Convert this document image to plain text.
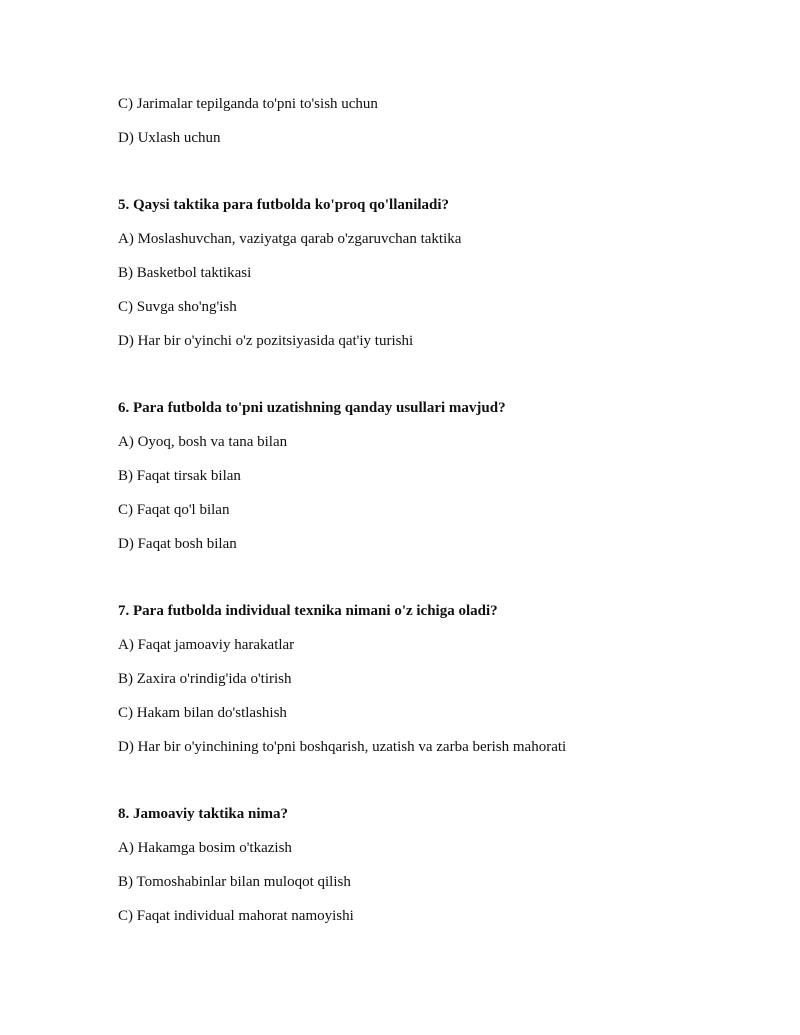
C) Jarimalar tepilganda to'pni to'sish uchun
D) Uxlash uchun
5. Qaysi taktika para futbolda ko'proq qo'llaniladi?
A) Moslashuvchan, vaziyatga qarab o'zgaruvchan taktika
B) Basketbol taktikasi
C) Suvga sho'ng'ish
D) Har bir o'yinchi o'z pozitsiyasida qat'iy turishi
6. Para futbolda to'pni uzatishning qanday usullari mavjud?
A) Oyoq, bosh va tana bilan
B) Faqat tirsak bilan
C) Faqat qo'l bilan
D) Faqat bosh bilan
7. Para futbolda individual texnika nimani o'z ichiga oladi?
A) Faqat jamoaviy harakatlar
B) Zaxira o'rindig'ida o'tirish
C) Hakam bilan do'stlashish
D) Har bir o'yinchining to'pni boshqarish, uzatish va zarba berish mahorati
8. Jamoaviy taktika nima?
A) Hakamga bosim o'tkazish
B) Tomoshabinlar bilan muloqot qilish
C) Faqat individual mahorat namoyishi
